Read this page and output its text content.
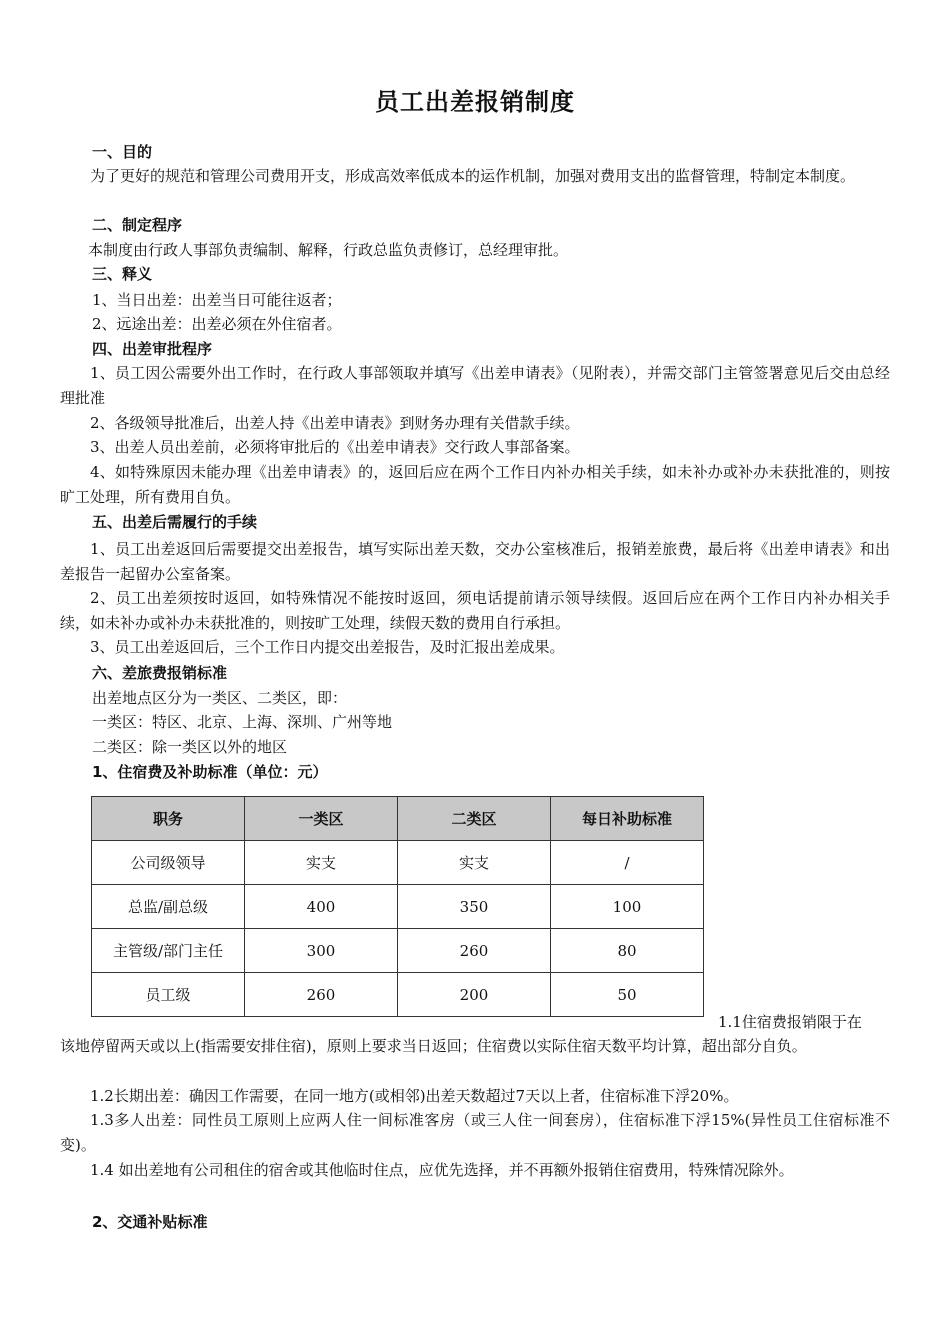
员工出差报销制度
一、目的
为了更好的规范和管理公司费用开支，形成高效率低成本的运作机制，加强对费用支出的监督管理，特制定本制度。
二、制定程序
本制度由行政人事部负责编制、解释，行政总监负责修订，总经理审批。
三、释义
1、当日出差：出差当日可能往返者；
2、远途出差：出差必须在外住宿者。
四、出差审批程序
1、员工因公需要外出工作时，在行政人事部领取并填写《出差申请表》（见附表），并需交部门主管签署意见后交由总经理批准
2、各级领导批准后，出差人持《出差申请表》到财务办理有关借款手续。
3、出差人员出差前，必须将审批后的《出差申请表》交行政人事部备案。
4、如特殊原因未能办理《出差申请表》的，返回后应在两个工作日内补办相关手续，如未补办或补办未获批准的，则按旷工处理，所有费用自负。
五、出差后需履行的手续
1、员工出差返回后需要提交出差报告，填写实际出差天数，交办公室核准后，报销差旅费，最后将《出差申请表》和出差报告一起留办公室备案。
2、员工出差须按时返回，如特殊情况不能按时返回，须电话提前请示领导续假。返回后应在两个工作日内补办相关手续，如未补办或补办未获批准的，则按旷工处理，续假天数的费用自行承担。
3、员工出差返回后，三个工作日内提交出差报告，及时汇报出差成果。
六、差旅费报销标准
出差地点区分为一类区、二类区，即：
一类区：特区、北京、上海、深圳、广州等地
二类区：除一类区以外的地区
1、住宿费及补助标准（单位：元）
职务	一类区	二类区	每日补助标准
公司级领导	实支	实支	/
总监/副总级	400	350	100
主管级/部门主任	300	260	80
员工级	260	200	50
1.1住宿费报销限于在
该地停留两天或以上(指需要安排住宿)，原则上要求当日返回；住宿费以实际住宿天数平均计算，超出部分自负。
1.2长期出差：确因工作需要，在同一地方(或相邻)出差天数超过7天以上者，住宿标准下浮20%。
1.3多人出差：同性员工原则上应两人住一间标准客房（或三人住一间套房），住宿标准下浮15%(异性员工住宿标准不变)。
1.4 如出差地有公司租住的宿舍或其他临时住点，应优先选择，并不再额外报销住宿费用，特殊情况除外。
2、交通补贴标准
